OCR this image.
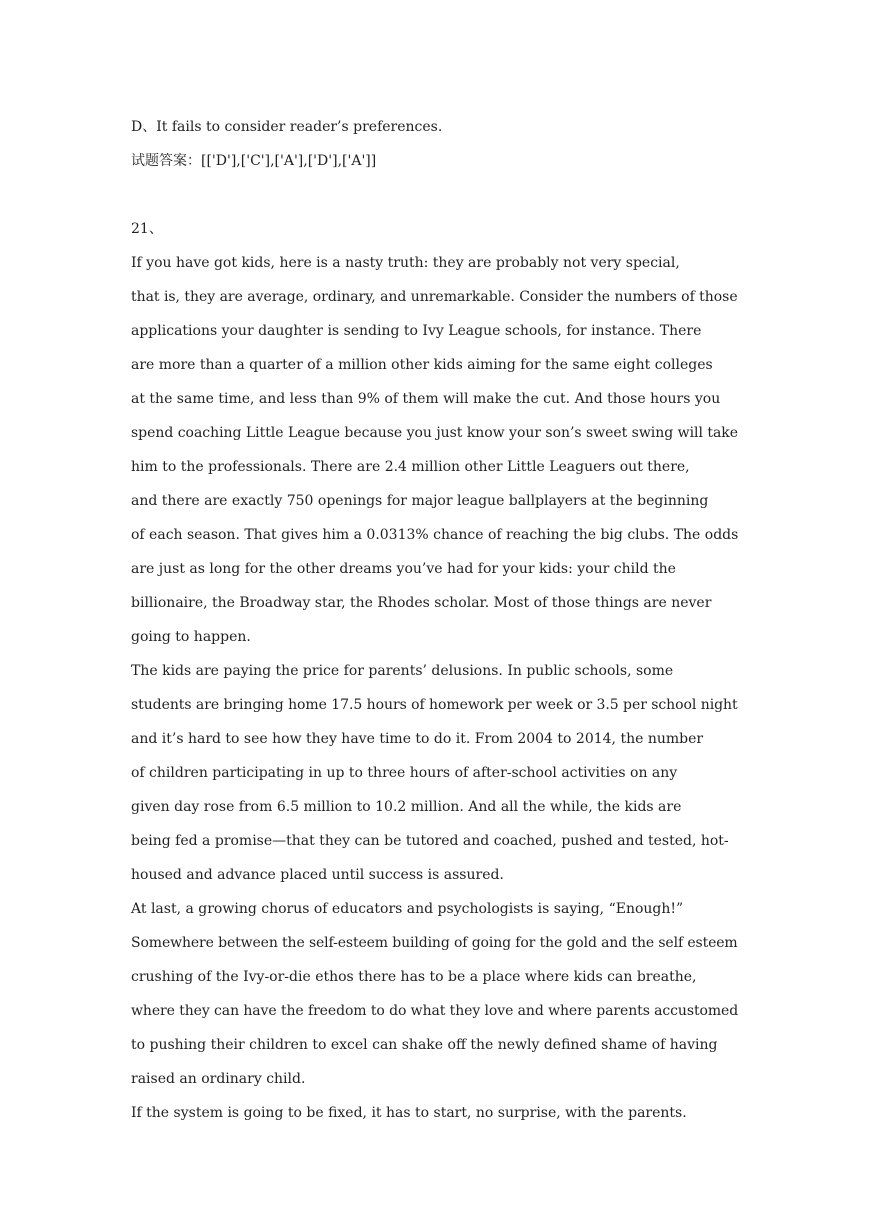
D、It fails to consider reader’s preferences.
试题答案：[['D'],['C'],['A'],['D'],['A']]
21、
If you have got kids, here is a nasty truth: they are probably not very special,
that is, they are average, ordinary, and unremarkable. Consider the numbers of those
applications your daughter is sending to Ivy League schools, for instance. There
are more than a quarter of a million other kids aiming for the same eight colleges
at the same time, and less than 9% of them will make the cut. And those hours you
spend coaching Little League because you just know your son’s sweet swing will take
him to the professionals. There are 2.4 million other Little Leaguers out there,
and there are exactly 750 openings for major league ballplayers at the beginning
of each season. That gives him a 0.0313% chance of reaching the big clubs. The odds
are just as long for the other dreams you’ve had for your kids: your child the
billionaire, the Broadway star, the Rhodes scholar. Most of those things are never
going to happen.
The kids are paying the price for parents’ delusions. In public schools, some
students are bringing home 17.5 hours of homework per week or 3.5 per school night
and it’s hard to see how they have time to do it. From 2004 to 2014, the number
of children participating in up to three hours of after-school activities on any
given day rose from 6.5 million to 10.2 million. And all the while, the kids are
being fed a promise—that they can be tutored and coached, pushed and tested, hot-
housed and advance placed until success is assured.
At last, a growing chorus of educators and psychologists is saying, “Enough!”
Somewhere between the self-esteem building of going for the gold and the self esteem
crushing of the Ivy-or-die ethos there has to be a place where kids can breathe,
where they can have the freedom to do what they love and where parents accustomed
to pushing their children to excel can shake off the newly defined shame of having
raised an ordinary child.
If the system is going to be fixed, it has to start, no surprise, with the parents.
